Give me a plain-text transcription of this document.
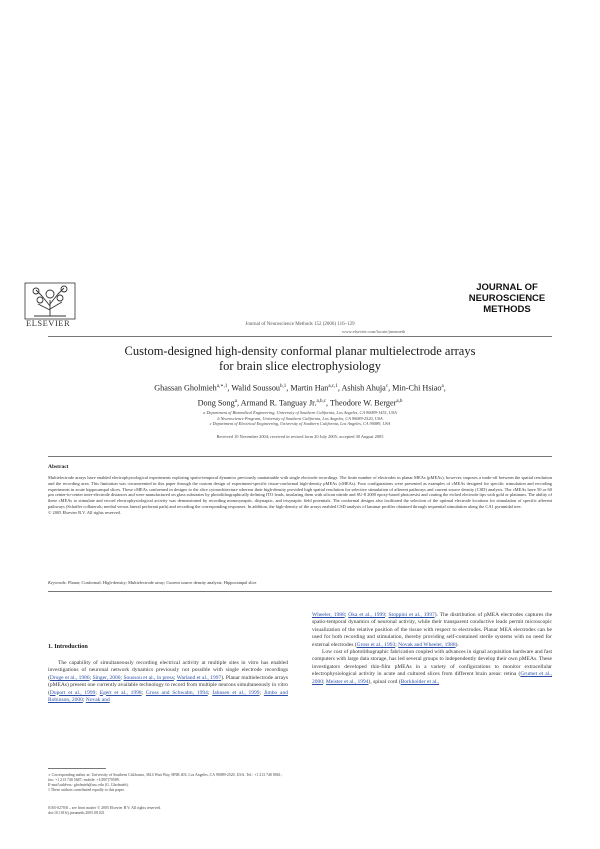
ELSEVIER	Journal of Neuroscience Methods 152 (2006) 116–129
JOURNAL OF
NEUROSCIENCE
METHODS
www.elsevier.com/locate/jneumeth
Custom-designed high-density conformal planar multielectrode arrays
for brain slice electrophysiology
Ghassan Gholmieh$^{a,∗,1}$, Walid Soussou$^{b,1}$, Martin Han$^{a,c,1}$, Ashish Ahuja$^c$, Min-Chi Hsiao$^a$,
Dong Song$^a$, Armand R. Tanguay Jr.$^{a,b,c}$, Theodore W. Berger$^{a,b}$
a Department of Biomedical Engineering, University of Southern California, Los Angeles, CA 90089-1451, USA
b Neuroscience Program, University of Southern California, Los Angeles, CA 90089-2520, USA
c Department of Electrical Engineering, University of Southern California, Los Angeles, CA 90089, USA
Received 10 November 2004; received in revised form 20 July 2005; accepted 30 August 2005
Abstract
Multielectrode arrays have enabled electrophysiological experiments exploring spatio-temporal dynamics previously unattainable with single electrode recordings. The finite number of electrodes in planar MEAs (pMEAs), however, imposes a trade-off between the spatial resolution and the recording area. This limitation was circumvented in this paper through the custom design of experiment-specific tissue-conformal high-density pMEAs (cMEAs). Four configurations were presented as examples of cMEAs designed for specific stimulation and recording experiments in acute hippocampal slices. These cMEAs conformed in designs to the slice cytoarchitecture whereas their high-density provided high spatial resolution for selective stimulation of afferent pathways and current source density (CSD) analysis. The cMEAs have 50 or 60 μm center-to-center inter-electrode distances and were manufactured on glass substrates by photolithographically defining ITO leads, insulating them with silicon nitride and SU-8 2000 epoxy-based photoresist and coating the etched electrode tips with gold or platinum. The ability of these cMEAs to stimulate and record electrophysiological activity was demonstrated by recording monosynaptic, disynaptic, and trisynaptic field potentials. The conformal designs also facilitated the selection of the optimal electrode locations for stimulation of specific afferent pathways (Schaffer collaterals; medial versus lateral perforant path) and recording the corresponding responses. In addition, the high-density of the arrays enabled CSD analysis of laminar profiles obtained through sequential stimulation along the CA1 pyramidal tree.
© 2005 Elsevier B.V. All rights reserved.
Keywords: Planar; Conformal; High-density; Multielectrode array; Current source density analysis; Hippocampal slice
1. Introduction

The capability of simultaneously recording electrical activity at multiple sites in vitro has enabled investigations of neuronal network dynamics previously not possible with single electrode recordings (Droge et al., 1986; Singer, 2000; Soussou et al., in press; Warland et al., 1997). Planar multielectrode arrays (pMEAs) present one currently available technology to record from multiple neurons simultaneously in vitro (Duport et al., 1999; Egert et al., 1998; Gross and Schwalm, 1994; Jahnsen et al., 1999; Jimbo and Robinson, 2000; Novak and

∗ Corresponding author at: University of Southern California, 3614 Watt Way, HNB 403, Los Angeles, CA 90089-2520, USA. Tel.: +1 213 740 8061; fax: +1 213 740 5687; mobile: +1(807)70589.
E-mail address: gholmieh@usc.edu (G. Gholmieh).
1 These authors contributed equally to this paper.
0165-0270/$ – see front matter © 2005 Elsevier B.V. All rights reserved.
doi:10.1016/j.jneumeth.2005.08.021

Wheeler, 1988; Oka et al., 1999; Stoppini et al., 1997). The distribution of pMEA electrodes captures the spatio-temporal dynamics of neuronal activity, while their transparent conductive leads permit microscopic visualization of the relative position of the tissue with respect to electrodes. Planar MEA electrodes can be used for both recording and stimulation, thereby providing self-contained sterile systems with no need for external electrodes (Gross et al., 1993; Novak and Wheeler, 1988).

Low cost of photolithographic fabrication coupled with advances in signal acquisition hardware and fast computers with large data storage, has led several groups to independently develop their own pMEAs. These investigators developed thin-film pMEAs in a variety of configurations to monitor extracellular electrophysiological activity in acute and cultured slices from different brain areas: retina (Grumet et al., 2000; Meister et al., 1994), spinal cord (Borkholder et al.,
